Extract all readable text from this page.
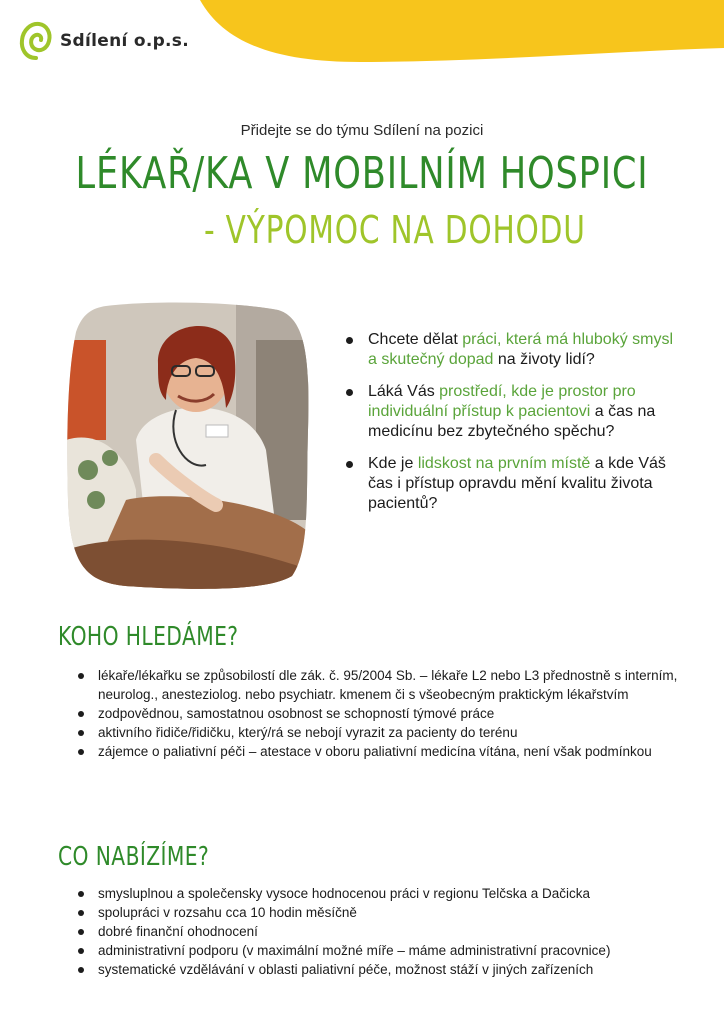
Sdílení o.p.s.
Přidejte se do týmu Sdílení na pozici
LÉKAŘ/KA V MOBILNÍM HOSPICI
- VÝPOMOC NA DOHODU
Chcete dělat práci, která má hluboký smysl a skutečný dopad na životy lidí?
Láká Vás prostředí, kde je prostor pro individuální přístup k pacientovi a čas na medicínu bez zbytečného spěchu?
Kde je lidskost na prvním místě a kde Váš čas i přístup opravdu mění kvalitu života pacientů?
KOHO HLEDÁME?
lékaře/lékařku se způsobilostí dle zák. č. 95/2004 Sb. – lékaře L2 nebo L3 přednostně s interním, neurolog., anesteziolog. nebo psychiatr. kmenem či s všeobecným praktickým lékařstvím
zodpovědnou, samostatnou osobnost se schopností týmové práce
aktivního řidiče/řidičku, který/rá se nebojí vyrazit za pacienty do terénu
zájemce o paliativní péči – atestace v oboru paliativní medicína vítána, není však podmínkou
CO NABÍZÍME?
smysluplnou a společensky vysoce hodnocenou práci v regionu Telčska a Dačicka
spolupráci v rozsahu cca 10 hodin měsíčně
dobré finanční ohodnocení
administrativní podporu (v maximální možné míře – máme administrativní pracovnice)
systematické vzdělávání v oblasti paliativní péče, možnost stáží v jiných zařízeních
